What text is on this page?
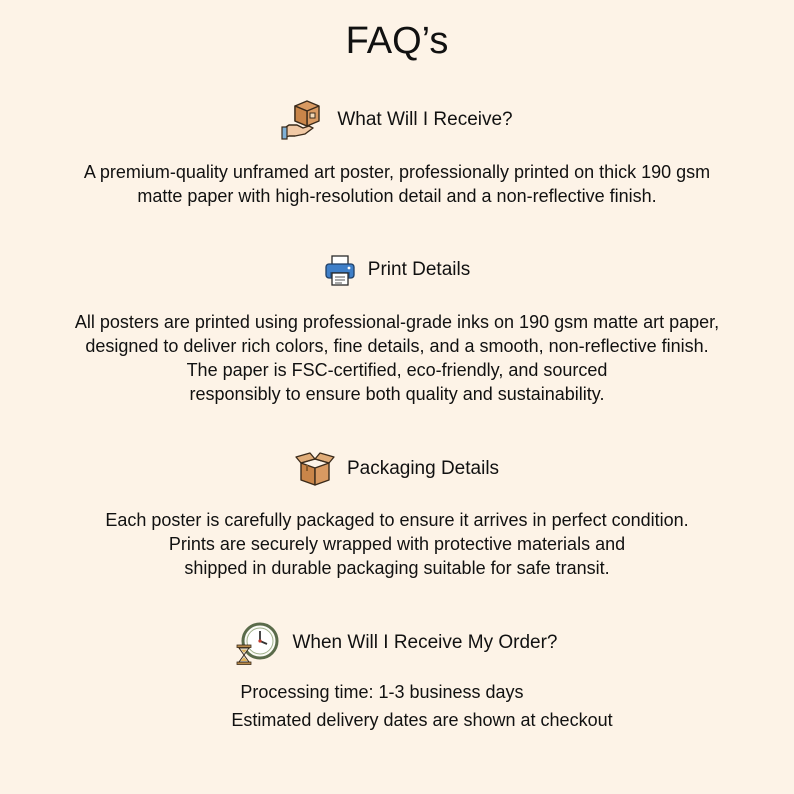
FAQ’s
What Will I Receive?
A premium-quality unframed art poster, professionally printed on thick 190 gsm
matte paper with high-resolution detail and a non-reflective finish.
Print Details
All posters are printed using professional-grade inks on 190 gsm matte art paper,
designed to deliver rich colors, fine details, and a smooth, non-reflective finish.
The paper is FSC-certified, eco-friendly, and sourced
responsibly to ensure both quality and sustainability.
Packaging Details
Each poster is carefully packaged to ensure it arrives in perfect condition.
Prints are securely wrapped with protective materials and
shipped in durable packaging suitable for safe transit.
When Will I Receive My Order?
Processing time: 1-3 business days
Estimated delivery dates are shown at checkout
